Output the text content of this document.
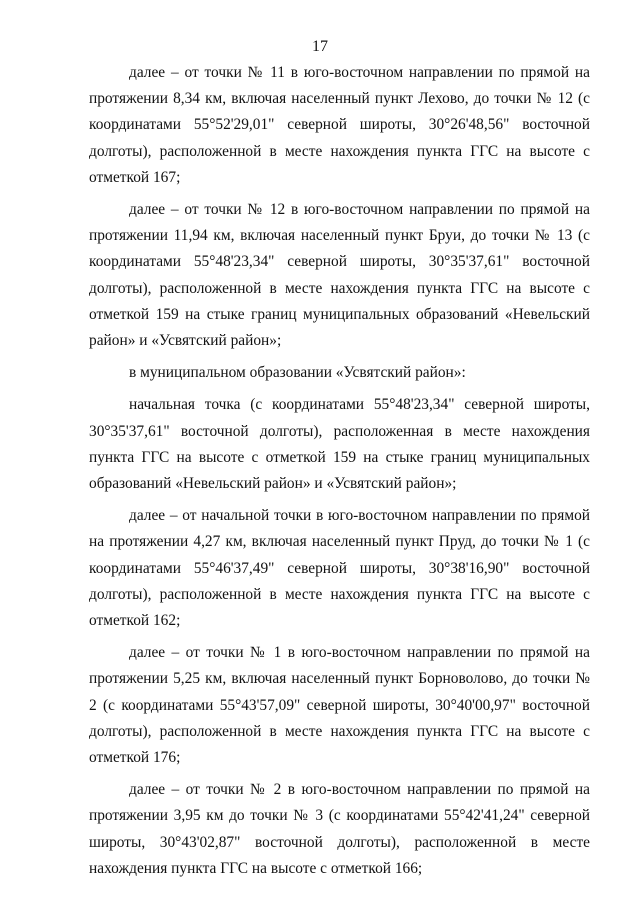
17

далее – от точки № 11 в юго-восточном направлении по прямой на протяжении 8,34 км, включая населенный пункт Лехово, до точки № 12 (с координатами 55°52'29,01" северной широты, 30°26'48,56" восточной долготы), расположенной в месте нахождения пункта ГГС на высоте с отметкой 167;

далее – от точки № 12 в юго-восточном направлении по прямой на протяжении 11,94 км, включая населенный пункт Бруи, до точки № 13 (с координатами 55°48'23,34" северной широты, 30°35'37,61" восточной долготы), расположенной в месте нахождения пункта ГГС на высоте с отметкой 159 на стыке границ муниципальных образований «Невельский район» и «Усвятский район»;

в муниципальном образовании «Усвятский район»:

начальная точка (с координатами 55°48'23,34" северной широты, 30°35'37,61" восточной долготы), расположенная в месте нахождения пункта ГГС на высоте с отметкой 159 на стыке границ муниципальных образований «Невельский район» и «Усвятский район»;

далее – от начальной точки в юго-восточном направлении по прямой на протяжении 4,27 км, включая населенный пункт Пруд, до точки № 1 (с координатами 55°46'37,49" северной широты, 30°38'16,90" восточной долготы), расположенной в месте нахождения пункта ГГС на высоте с отметкой 162;

далее – от точки № 1 в юго-восточном направлении по прямой на протяжении 5,25 км, включая населенный пункт Борноволово, до точки № 2 (с координатами 55°43'57,09" северной широты, 30°40'00,97" восточной долготы), расположенной в месте нахождения пункта ГГС на высоте с отметкой 176;

далее – от точки № 2 в юго-восточном направлении по прямой на протяжении 3,95 км до точки № 3 (с координатами 55°42'41,24" северной широты, 30°43'02,87" восточной долготы), расположенной в месте нахождения пункта ГГС на высоте с отметкой 166;
